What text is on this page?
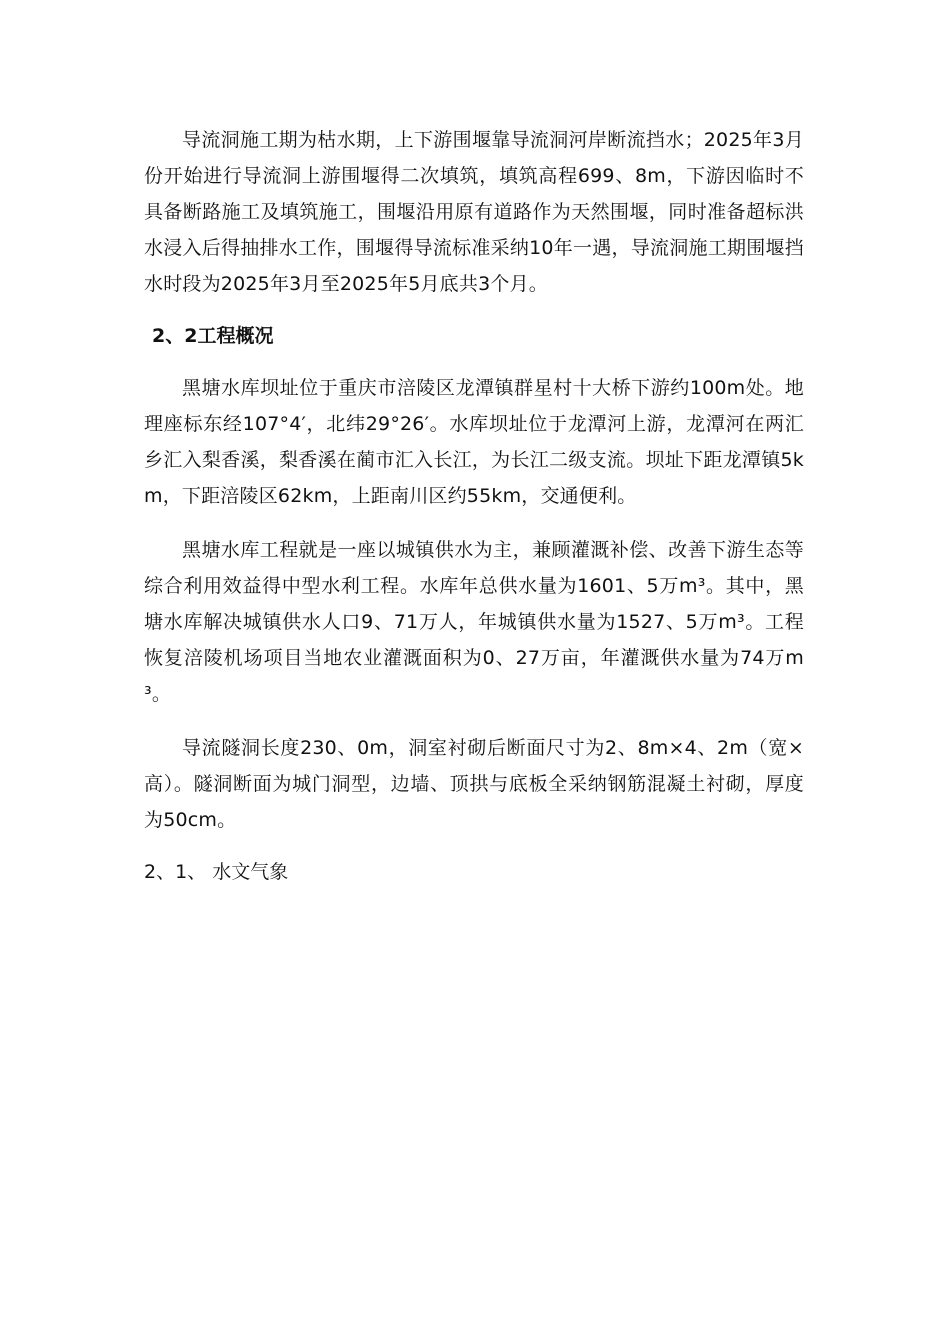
导流洞施工期为枯水期，上下游围堰靠导流洞河岸断流挡水；2025年3月份开始进行导流洞上游围堰得二次填筑，填筑高程699、8m，下游因临时不具备断路施工及填筑施工，围堰沿用原有道路作为天然围堰，同时准备超标洪水浸入后得抽排水工作，围堰得导流标准采纳10年一遇，导流洞施工期围堰挡水时段为2025年3月至2025年5月底共3个月。

2、2工程概况

黑塘水库坝址位于重庆市涪陵区龙潭镇群星村十大桥下游约100m处。地理座标东经107°4′，北纬29°26′。水库坝址位于龙潭河上游，龙潭河在两汇乡汇入梨香溪，梨香溪在蔺市汇入长江，为长江二级支流。坝址下距龙潭镇5km，下距涪陵区62km，上距南川区约55km，交通便利。

黑塘水库工程就是一座以城镇供水为主，兼顾灌溉补偿、改善下游生态等综合利用效益得中型水利工程。水库年总供水量为1601、5万m³。其中，黑塘水库解决城镇供水人口9、71万人，年城镇供水量为1527、5万m³。工程恢复涪陵机场项目当地农业灌溉面积为0、27万亩，年灌溉供水量为74万m³。

导流隧洞长度230、0m，洞室衬砌后断面尺寸为2、8m×4、2m（宽×高）。隧洞断面为城门洞型，边墙、顶拱与底板全采纳钢筋混凝土衬砌，厚度为50cm。

2、1、 水文气象
